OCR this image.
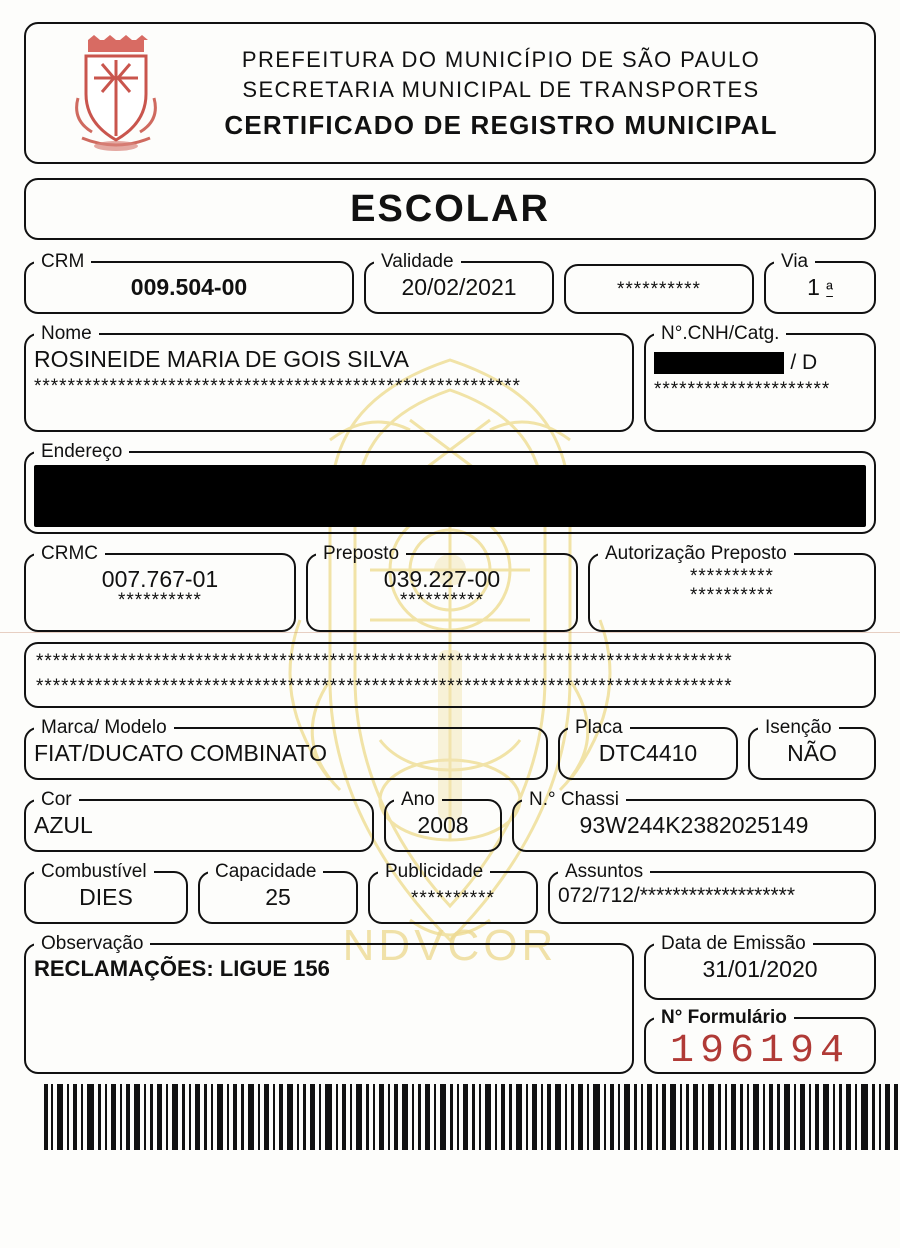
NDVCOR
PREFEITURA DO MUNICÍPIO DE SÃO PAULO
SECRETARIA MUNICIPAL DE TRANSPORTES
CERTIFICADO DE REGISTRO MUNICIPAL
ESCOLAR
CRM
009.504-00
Validade
20/02/2021	**********
Via
1 ª
Nome
ROSINEIDE MARIA DE GOIS SILVA
**********************************************************
N°.CNH/Catg.
/ D
*********************
Endereço
CRMC
007.767-01
**********
Preposto
039.227-00
**********
Autorização Preposto
**********
**********
***********************************************************************************
***********************************************************************************
Marca/ Modelo
FIAT/DUCATO COMBINATO
Placa
DTC4410
Isenção
NÃO
Cor
AZUL
Ano
2008
N.° Chassi
93W244K2382025149
Combustível
DIES
Capacidade
25
Publicidade
**********
Assuntos
072/712/*******************
Observação
RECLAMAÇÕES: LIGUE 156
Data de Emissão
31/01/2020
N° Formulário
196194
